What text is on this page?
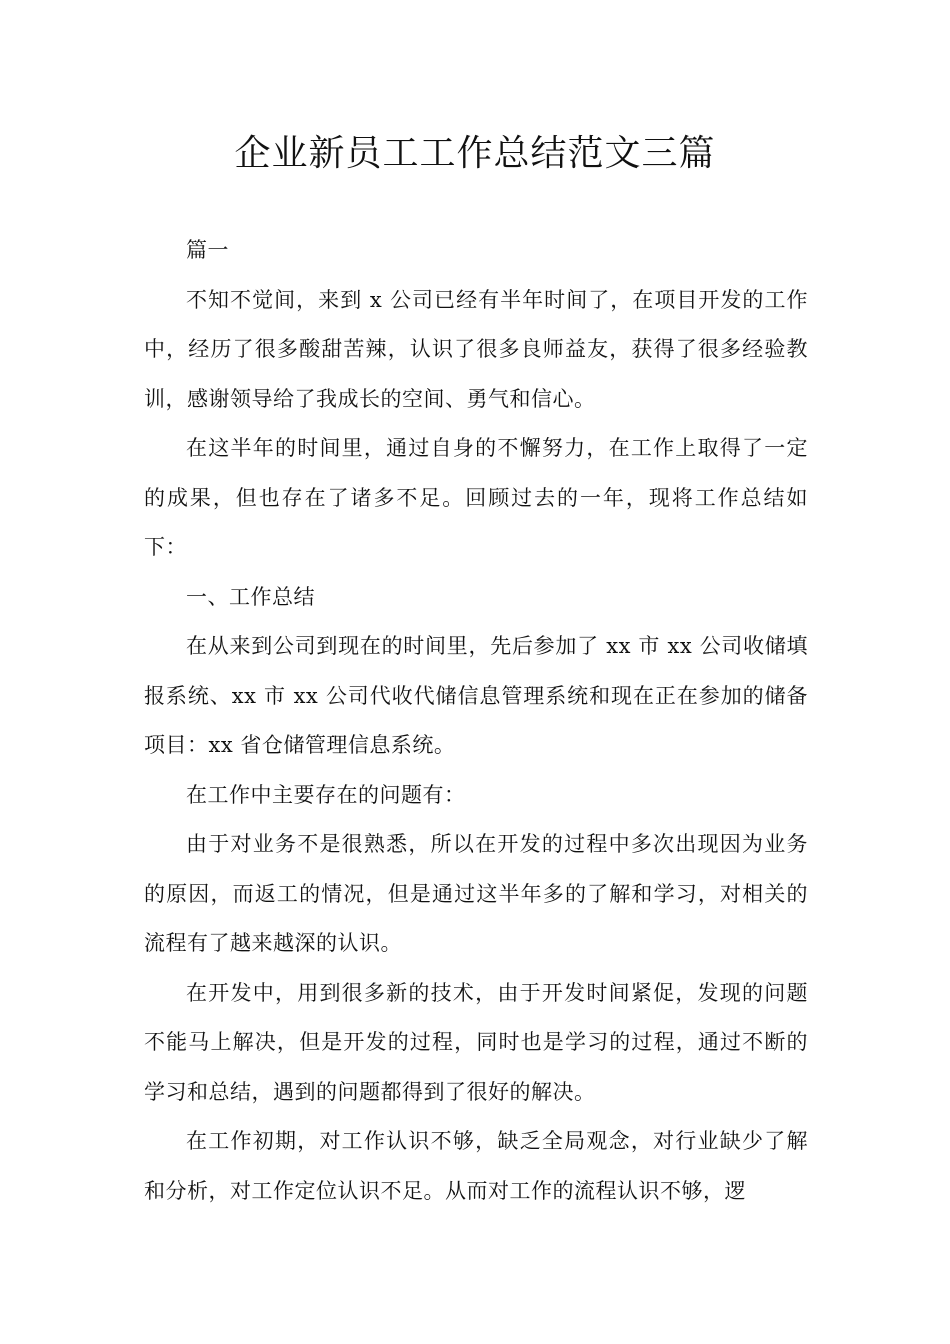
企业新员工工作总结范文三篇

篇一

不知不觉间，来到 x 公司已经有半年时间了，在项目开发的工作中，经历了很多酸甜苦辣，认识了很多良师益友，获得了很多经验教训，感谢领导给了我成长的空间、勇气和信心。

在这半年的时间里，通过自身的不懈努力，在工作上取得了一定的成果，但也存在了诸多不足。回顾过去的一年，现将工作总结如下：

一、工作总结

在从来到公司到现在的时间里，先后参加了 xx 市 xx 公司收储填报系统、xx 市 xx 公司代收代储信息管理系统和现在正在参加的储备项目：xx 省仓储管理信息系统。

在工作中主要存在的问题有：

由于对业务不是很熟悉，所以在开发的过程中多次出现因为业务的原因，而返工的情况，但是通过这半年多的了解和学习，对相关的流程有了越来越深的认识。

在开发中，用到很多新的技术，由于开发时间紧促，发现的问题不能马上解决，但是开发的过程，同时也是学习的过程，通过不断的学习和总结，遇到的问题都得到了很好的解决。

在工作初期，对工作认识不够，缺乏全局观念，对行业缺少了解和分析，对工作定位认识不足。从而对工作的流程认识不够，逻
